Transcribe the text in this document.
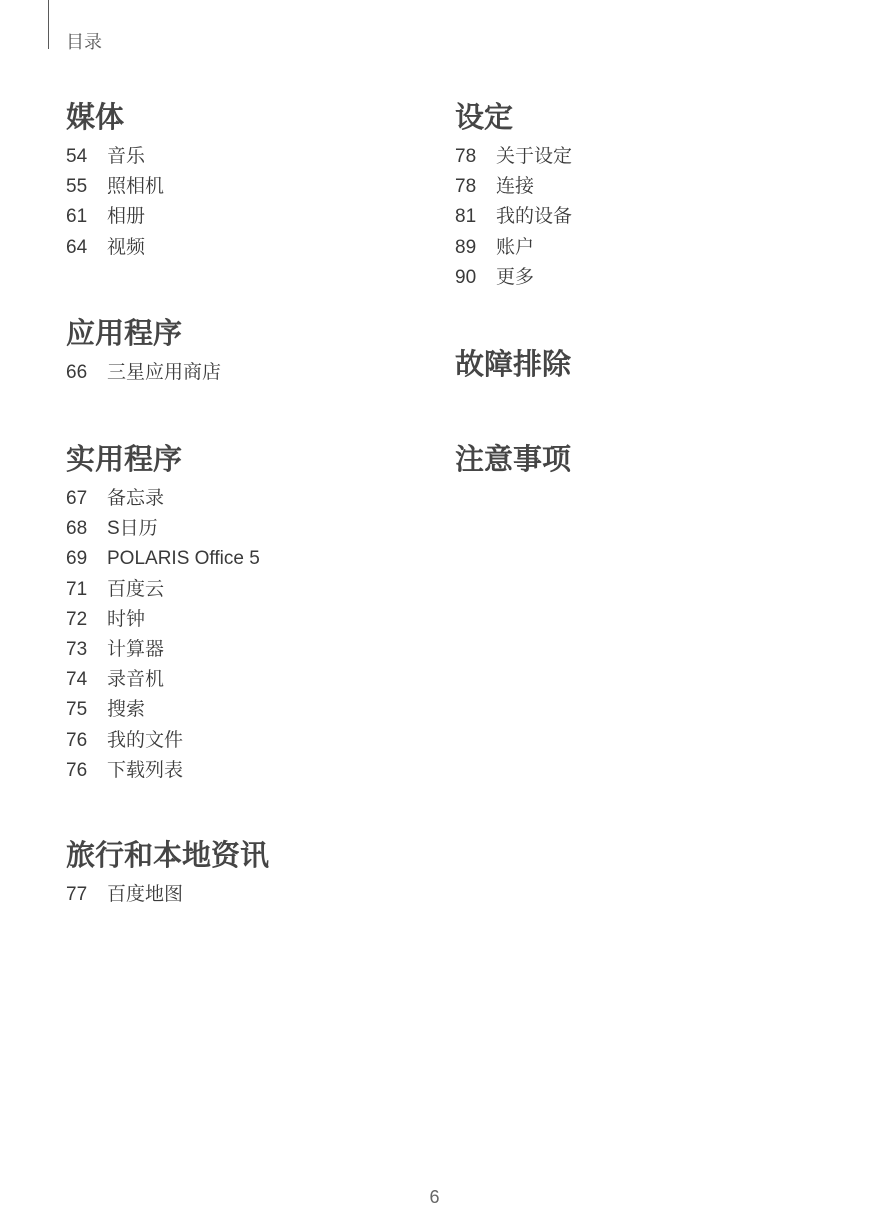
目录
媒体
54	音乐
55	照相机
61	相册
64	视频
应用程序
66	三星应用商店
实用程序
67	备忘录
68	S日历
69	POLARIS Office 5
71	百度云
72	时钟
73	计算器
74	录音机
75	搜索
76	我的文件
76	下载列表
旅行和本地资讯
77	百度地图
设定
78	关于设定
78	连接
81	我的设备
89	账户
90	更多
故障排除
注意事项
6
